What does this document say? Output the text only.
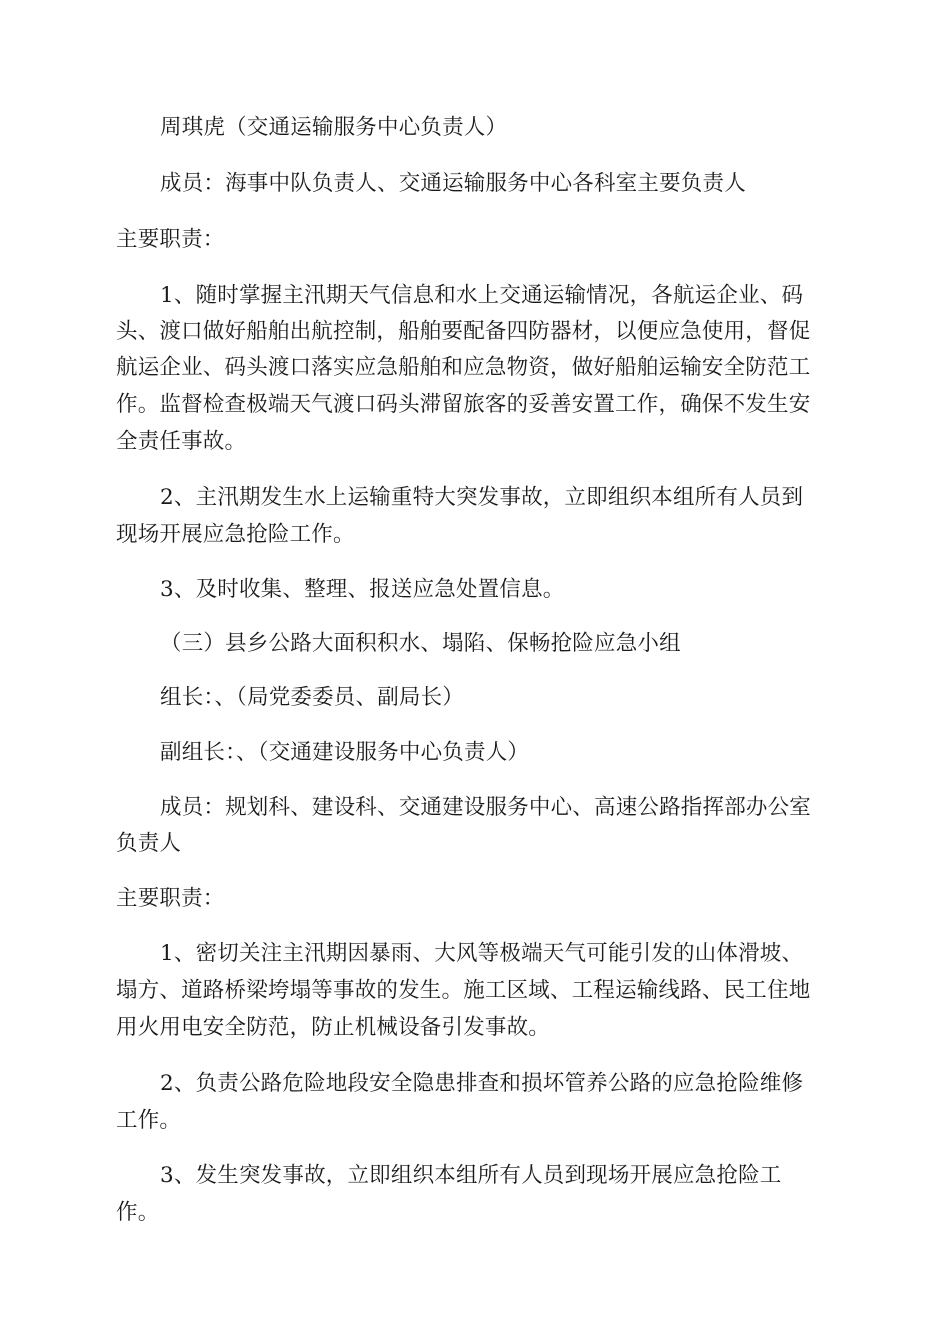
周琪虎（交通运输服务中心负责人）
成员：海事中队负责人、交通运输服务中心各科室主要负责人
主要职责：
1、随时掌握主汛期天气信息和水上交通运输情况，各航运企业、码
头、渡口做好船舶出航控制，船舶要配备四防器材，以便应急使用，督促
航运企业、码头渡口落实应急船舶和应急物资，做好船舶运输安全防范工
作。监督检查极端天气渡口码头滞留旅客的妥善安置工作，确保不发生安
全责任事故。
2、主汛期发生水上运输重特大突发事故，立即组织本组所有人员到
现场开展应急抢险工作。
3、及时收集、整理、报送应急处置信息。
（三）县乡公路大面积积水、塌陷、保畅抢险应急小组
组长：、（局党委委员、副局长）
副组长：、（交通建设服务中心负责人）
成员：规划科、建设科、交通建设服务中心、高速公路指挥部办公室
负责人
主要职责：
1、密切关注主汛期因暴雨、大风等极端天气可能引发的山体滑坡、
塌方、道路桥梁垮塌等事故的发生。施工区域、工程运输线路、民工住地
用火用电安全防范，防止机械设备引发事故。
2、负责公路危险地段安全隐患排查和损坏管养公路的应急抢险维修
工作。
3、发生突发事故，立即组织本组所有人员到现场开展应急抢险工
作。
